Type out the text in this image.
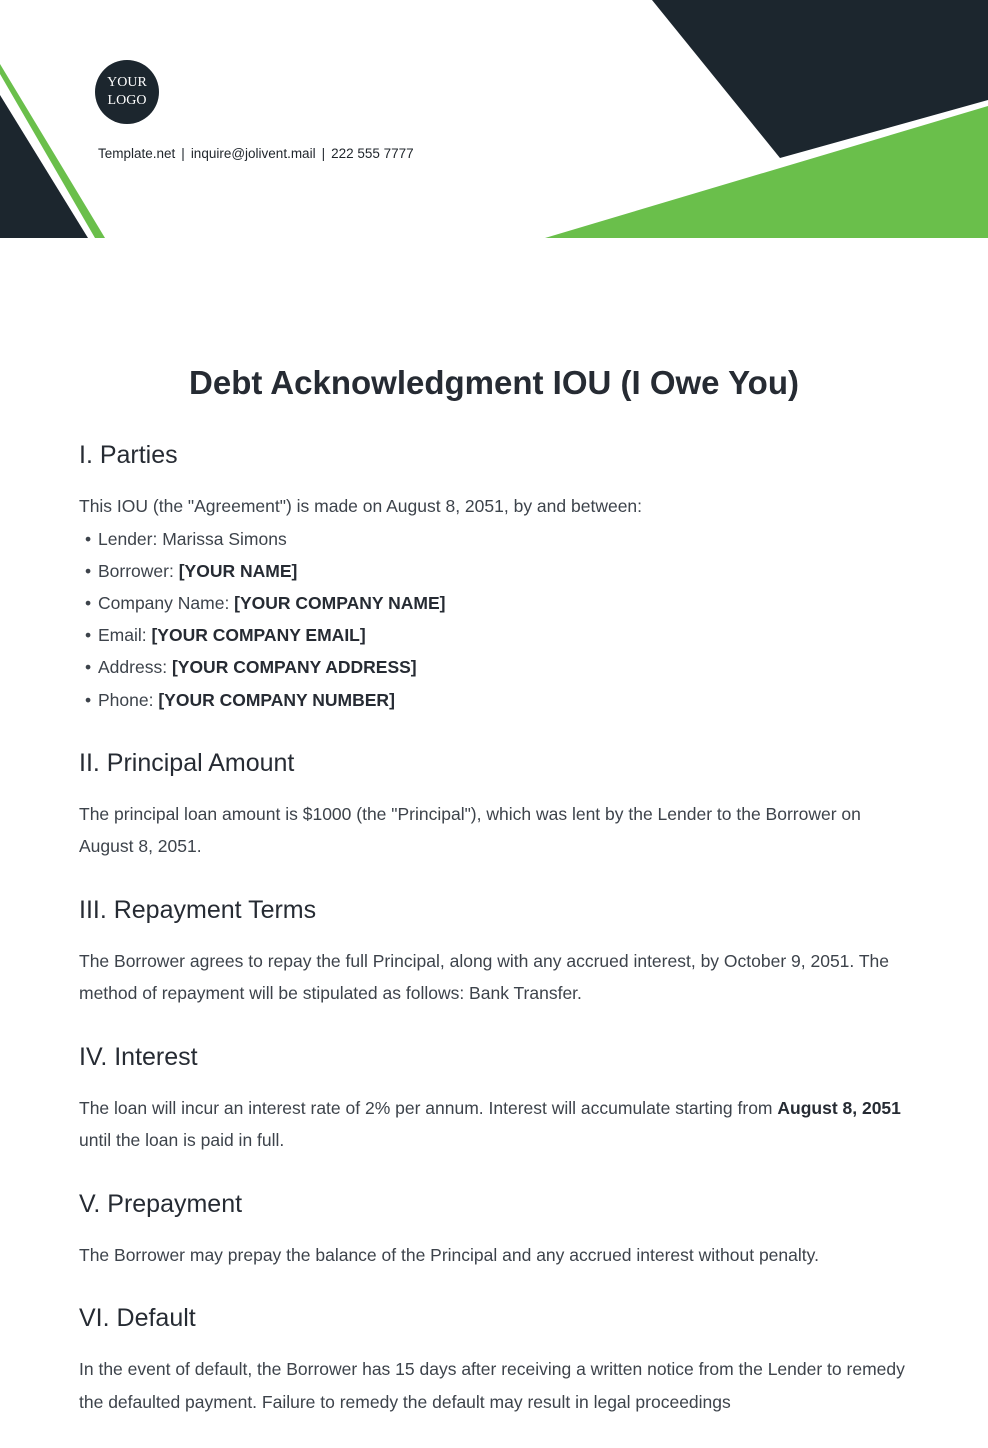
YOUR
LOGO
Template.net | inquire@jolivent.mail | 222 555 7777
Debt Acknowledgment IOU (I Owe You)
I. Parties

This IOU (the "Agreement") is made on August 8, 2051, by and between:

• Lender: Marissa Simons
• Borrower: [YOUR NAME]
• Company Name: [YOUR COMPANY NAME]
• Email: [YOUR COMPANY EMAIL]
• Address: [YOUR COMPANY ADDRESS]
• Phone: [YOUR COMPANY NUMBER]
II. Principal Amount

The principal loan amount is $1000 (the "Principal"), which was lent by the Lender to the Borrower on August 8, 2051.

III. Repayment Terms

The Borrower agrees to repay the full Principal, along with any accrued interest, by October 9, 2051. The method of repayment will be stipulated as follows: Bank Transfer.

IV. Interest

The loan will incur an interest rate of 2% per annum. Interest will accumulate starting from August 8, 2051 until the loan is paid in full.

V. Prepayment

The Borrower may prepay the balance of the Principal and any accrued interest without penalty.

VI. Default

In the event of default, the Borrower has 15 days after receiving a written notice from the Lender to remedy the defaulted payment. Failure to remedy the default may result in legal proceedings
